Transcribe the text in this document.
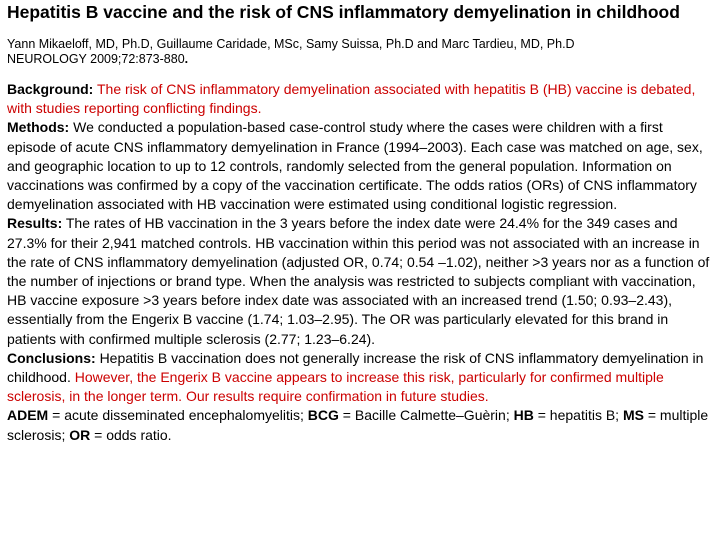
Hepatitis B vaccine and the risk of CNS inflammatory demyelination in childhood
Yann Mikaeloff, MD, Ph.D, Guillaume Caridade, MSc, Samy Suissa, Ph.D and Marc Tardieu, MD, Ph.D
NEUROLOGY 2009;72:873-880.

Background: The risk of CNS inflammatory demyelination associated with hepatitis B (HB) vaccine is debated, with studies reporting conflicting findings.

Methods: We conducted a population-based case-control study where the cases were children with a first episode of acute CNS inflammatory demyelination in France (1994–2003). Each case was matched on age, sex, and geographic location to up to 12 controls, randomly selected from the general population. Information on vaccinations was confirmed by a copy of the vaccination certificate. The odds ratios (ORs) of CNS inflammatory demyelination associated with HB vaccination were estimated using conditional logistic regression.

Results: The rates of HB vaccination in the 3 years before the index date were 24.4% for the 349 cases and 27.3% for their 2,941 matched controls. HB vaccination within this period was not associated with an increase in the rate of CNS inflammatory demyelination (adjusted OR, 0.74; 0.54 –1.02), neither >3 years nor as a function of the number of injections or brand type. When the analysis was restricted to subjects compliant with vaccination, HB vaccine exposure >3 years before index date was associated with an increased trend (1.50; 0.93–2.43), essentially from the Engerix B vaccine (1.74; 1.03–2.95). The OR was particularly elevated for this brand in patients with confirmed multiple sclerosis (2.77; 1.23–6.24).

Conclusions: Hepatitis B vaccination does not generally increase the risk of CNS inflammatory demyelination in childhood. However, the Engerix B vaccine appears to increase this risk, particularly for confirmed multiple sclerosis, in the longer term. Our results require confirmation in future studies.

ADEM = acute disseminated encephalomyelitis; BCG = Bacille Calmette–Guèrin; HB = hepatitis B; MS = multiple sclerosis; OR = odds ratio.
